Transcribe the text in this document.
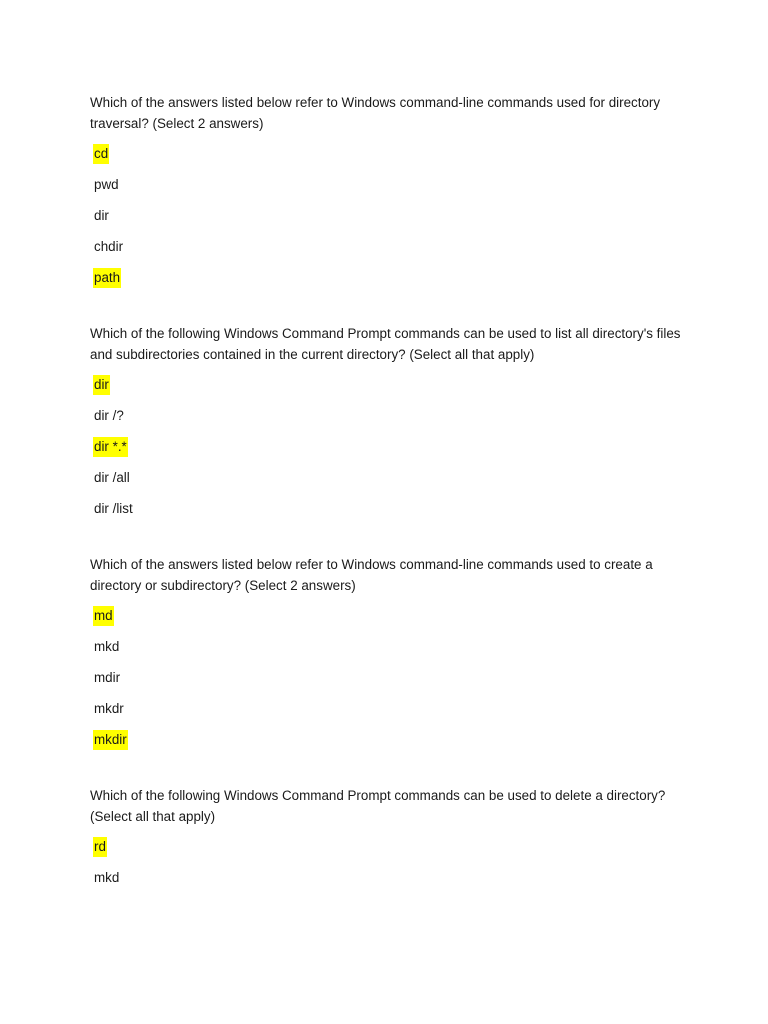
Which of the answers listed below refer to Windows command-line commands used for directory traversal? (Select 2 answers)

cd
pwd
dir
chdir
path

Which of the following Windows Command Prompt commands can be used to list all directory's files and subdirectories contained in the current directory? (Select all that apply)

dir
dir /?
dir *.*
dir /all
dir /list

Which of the answers listed below refer to Windows command-line commands used to create a directory or subdirectory? (Select 2 answers)

md
mkd
mdir
mkdr
mkdir

Which of the following Windows Command Prompt commands can be used to delete a directory? (Select all that apply)

rd
mkd
